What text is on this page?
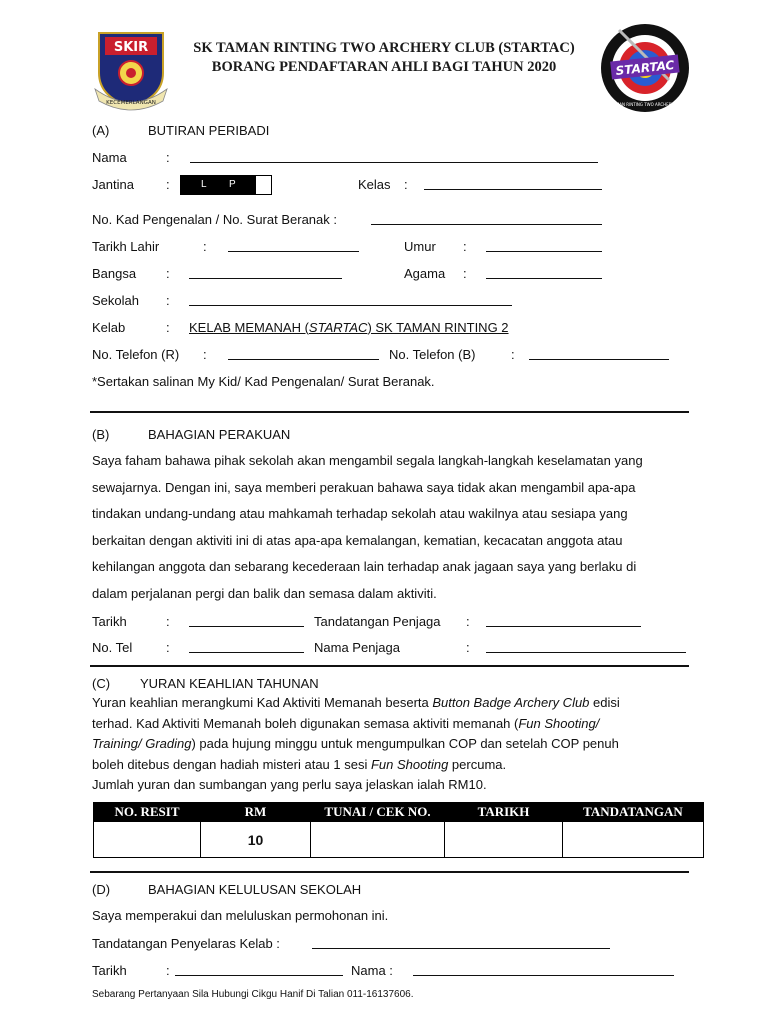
SKIR
KECEMERLANGAN
SK TAMAN RINTING TWO ARCHERY CLUB (STARTAC)
BORANG PENDAFTARAN AHLI BAGI TAHUN 2020	STARTAC
SK TAMAN RINTING TWO ARCHERY CLUB
(A)	BUTIRAN PERIBADI
Nama	:
Jantina :	L	P	Kelas :
No. Kad Pengenalan / No. Surat Beranak :
Tarikh Lahir	:	Umur :
Bangsa :	Agama :
Sekolah :
Kelab	: KELAB MEMANAH (STARTAC) SK TAMAN RINTING 2
No. Telefon (R) :	No. Telefon (B)	:
*Sertakan salinan My Kid/ Kad Pengenalan/ Surat Beranak.
(B)	BAHAGIAN PERAKUAN
Saya faham bahawa pihak sekolah akan mengambil segala langkah-langkah keselamatan yang
sewajarnya. Dengan ini, saya memberi perakuan bahawa saya tidak akan mengambil apa-apa
tindakan undang-undang atau mahkamah terhadap sekolah atau wakilnya atau sesiapa yang
berkaitan dengan aktiviti ini di atas apa-apa kemalangan, kematian, kecacatan anggota atau
kehilangan anggota dan sebarang kecederaan lain terhadap anak jagaan saya yang berlaku di
dalam perjalanan pergi dan balik dan semasa dalam aktiviti.
Tarikh	:	Tandatangan Penjaga :
No. Tel	:	Nama Penjaga	:
(C) YURAN KEAHLIAN TAHUNAN
Yuran keahlian merangkumi Kad Aktiviti Memanah beserta Button Badge Archery Club edisi
terhad. Kad Aktiviti Memanah boleh digunakan semasa aktiviti memanah (Fun Shooting/
Training/ Grading) pada hujung minggu untuk mengumpulkan COP dan setelah COP penuh
boleh ditebus dengan hadiah misteri atau 1 sesi Fun Shooting percuma.
Jumlah yuran dan sumbangan yang perlu saya jelaskan ialah RM10.
NO. RESIT	RM	TUNAI / CEK NO.	TARIKH	TANDATANGAN
	10			
(D)	BAHAGIAN KELULUSAN SEKOLAH
Saya memperakui dan meluluskan permohonan ini.
Tandatangan Penyelaras Kelab :
Tarikh	:	Nama :
Sebarang Pertanyaan Sila Hubungi Cikgu Hanif Di Talian 011-16137606.
